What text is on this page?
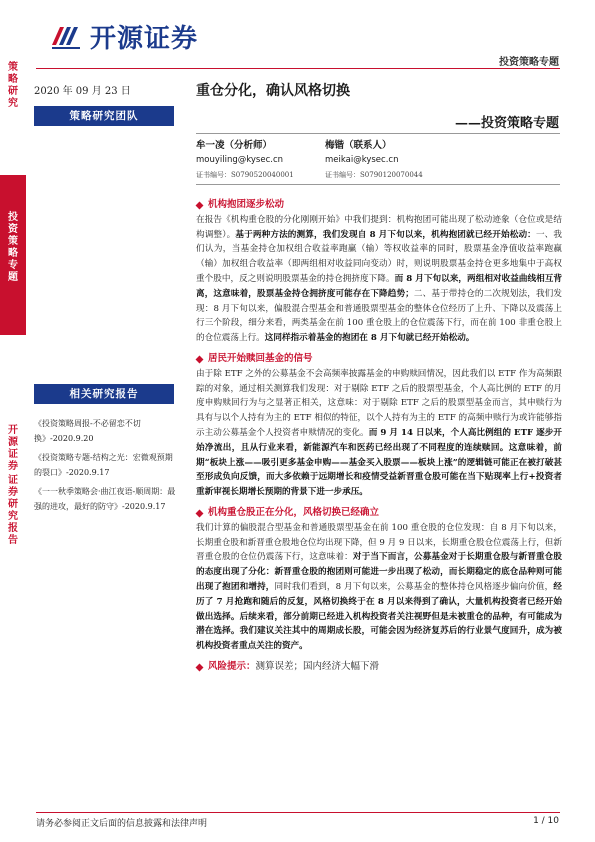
策略研究
投资策略专题
开源证券
证券研究报告
开源证券
投资策略专题
2020 年 09 月 23 日
策略研究团队
重仓分化，确认风格切换
——投资策略专题
牟一凌（分析师）
mouyiling@kysec.cn
证书编号：S0790520040001
梅锴（联系人）
meikai@kysec.cn
证书编号：S0790120070044
相关研究报告
《投资策略周报-不必留恋不切换》-2020.9.20
《投资策略专题-结构之光：宏微观预期的裂口》-2020.9.17
《一一秋季策略会·曲江夜语-顺周期：最强的进攻，最好的防守》-2020.9.17
机构抱团逐步松动
在报告《机构重仓股的分化刚刚开始》中我们提到：机构抱团可能出现了松动迹象（仓位或是结构调整）。基于两种方法的测算，我们发现自 8 月下旬以来，机构抱团就已经开始松动：一、我们认为，当基金持仓加权组合收益率跑赢（输）等权收益率的同时，股票基金净值收益率跑赢（输）加权组合收益率（即两组相对收益同向变动）时，则说明股票基金持仓更多地集中于高权重个股中，反之则说明股票基金的持仓拥挤度下降。而 8 月下旬以来，两组相对收益曲线相互背离，这意味着，股票基金持仓拥挤度可能存在下降趋势；二、基于带持仓的二次规划法，我们发现：8 月下旬以来，偏股混合型基金和普通股票型基金的整体仓位经历了上升、下降以及震荡上行三个阶段，细分来看，两类基金在前 100 重仓股上的仓位震荡下行，而在前 100 非重仓股上的仓位震荡上行。这同样指示着基金的抱团在 8 月下旬就已经开始松动。
居民开始赎回基金的信号
由于除 ETF 之外的公募基金不会高频率披露基金的申购赎回情况，因此我们以 ETF 作为高频跟踪的对象，通过相关测算我们发现：对于剔除 ETF 之后的股票型基金，个人高比例的 ETF 的月度申购赎回行为与之显著正相关，这意味：对于剔除 ETF 之后的股票型基金而言，其申赎行为具有与以个人持有为主的 ETF 相似的特征，以个人持有为主的 ETF 的高频申赎行为或许能够指示主动公募基金个人投资者申赎情况的变化。而 9 月 14 日以来，个人高比例组的 ETF 逐步开始净流出，且从行业来看，新能源汽车和医药已经出现了不同程度的连续赎回。这意味着，前期“板块上涨——吸引更多基金申购——基金买入股票——板块上涨”的逻辑链可能正在被打破甚至形成负向反馈，而大多依赖于远期增长和疫情受益新晋重仓股可能在当下贴现率上行+投资者重新审视长期增长预期的背景下进一步承压。
机构重仓股正在分化，风格切换已经确立
我们计算的偏股混合型基金和普通股票型基金在前 100 重仓股的仓位发现：自 8 月下旬以来，长期重仓股和新晋重仓股地仓位均出现下降，但 9 月 9 日以来，长期重仓股仓位震荡上行，但新晋重仓股的仓位仍震荡下行，这意味着：对于当下而言，公募基金对于长期重仓股与新晋重仓股的态度出现了分化：新晋重仓股的抱团则可能进一步出现了松动，而长期稳定的底仓品种则可能出现了抱团和增持，同时我们看到，8 月下旬以来，公募基金的整体持仓风格逐步偏向价值，经历了 7 月抢跑和随后的反复，风格切换终于在 8 月以来得到了确认，大量机构投资者已经开始做出选择。后续来看，部分前期已经进入机构投资者关注视野但是未被重仓的品种，有可能成为潜在选择。我们建议关注其中的周期成长股，可能会因为经济复苏后的行业景气度回升，成为被机构投资者重点关注的资产。
风险提示： 测算误差；国内经济大幅下滑
请务必参阅正文后面的信息披露和法律声明	1 / 10
